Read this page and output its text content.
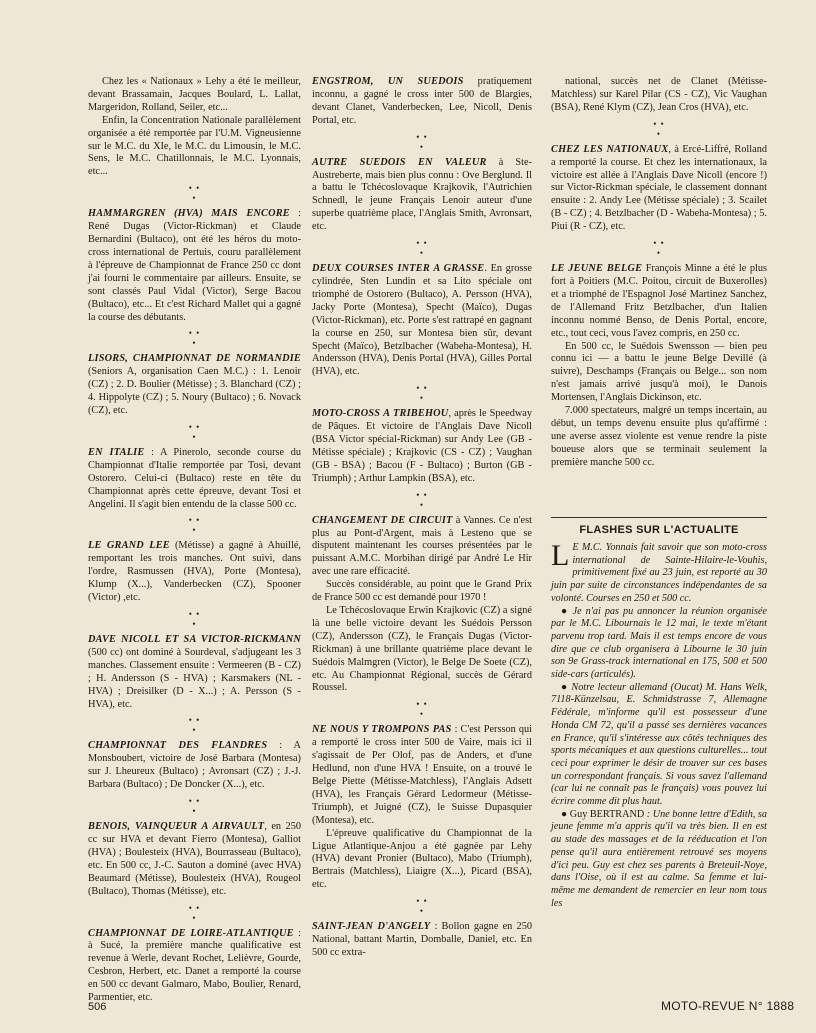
Chez les « Nationaux » Lehy a été le meilleur, devant Brassamain, Jacques Boulard, L. Lallat, Margeridon, Rolland, Seiler, etc...

Enfin, la Concentration Nationale parallèlement organisée a été remportée par l'U.M. Vigneusienne sur le M.C. du XIe, le M.C. du Limousin, le M.C. Sens, le M.C. Chatillonnais, le M.C. Lyonnais, etc...

• •
•

HAMMARGREN (HVA) MAIS ENCORE : René Dugas (Victor-Rickman) et Claude Bernardini (Bultaco), ont été les héros du moto-cross international de Pertuis, couru parallèlement à l'épreuve de Championnat de France 250 cc dont j'ai fourni le commentaire par ailleurs. Ensuite, se sont classés Paul Vidal (Victor), Serge Bacou (Bultaco), etc... Et c'est Richard Mallet qui a gagné la course des débutants.

• •
•

LISORS, CHAMPIONNAT DE NORMANDIE (Seniors A, organisation Caen M.C.) : 1. Lenoir (CZ) ; 2. D. Boulier (Métisse) ; 3. Blanchard (CZ) ; 4. Hippolyte (CZ) ; 5. Noury (Bultaco) ; 6. Novack (CZ), etc.

• •
•

EN ITALIE : A Pinerolo, seconde course du Championnat d'Italie remportée par Tosi, devant Ostorero. Celui-ci (Bultaco) reste en tête du Championnat après cette épreuve, devant Tosi et Angelini. Il s'agit bien entendu de la classe 500 cc.

• •
•

LE GRAND LEE (Métisse) a gagné à Ahuillé, remportant les trois manches. Ont suivi, dans l'ordre, Rasmussen (HVA), Porte (Montesa), Klump (X...), Vanderbecken (CZ), Spooner (Victor) ,etc.

• •
•

DAVE NICOLL ET SA VICTOR-RICKMANN (500 cc) ont dominé à Sourdeval, s'adjugeant les 3 manches. Classement ensuite : Vermeeren (B - CZ) ; H. Andersson (S - HVA) ; Karsmakers (NL - HVA) ; Dreisilker (D - X...) ; A. Persson (S - HVA), etc.

• •
•

CHAMPIONNAT DES FLANDRES : A Monsboubert, victoire de José Barbara (Montesa) sur J. Lheureux (Bultaco) ; Avronsart (CZ) ; J.-J. Barbara (Bultaco) ; De Doncker (X...), etc.

• •
•

BENOIS, VAINQUEUR A AIRVAULT, en 250 cc sur HVA et devant Fierro (Montesa), Galliot (HVA) ; Boulesteix (HVA), Bourrasseau (Bultaco), etc. En 500 cc, J.-C. Sauton a dominé (avec HVA) Beaumard (Métisse), Boulesteix (HVA), Rougeol (Bultaco), Thomas (Métisse), etc.

• •
•

CHAMPIONNAT DE LOIRE-ATLANTIQUE : à Sucé, la première manche qualificative est revenue à Werle, devant Rochet, Lelièvre, Gourde, Cesbron, Herbert, etc. Danet a remporté la course en 500 cc devant Galmaro, Mabo, Boulier, Renard, Parmentier, etc.

ENGSTROM, UN SUEDOIS pratiquement inconnu, a gagné le cross inter 500 de Blargies, devant Clanet, Vanderbecken, Lee, Nicoll, Denis Portal, etc.

• •
•

AUTRE SUEDOIS EN VALEUR à Ste-Austreberte, mais bien plus connu : Ove Berglund. Il a battu le Tchécoslovaque Krajkovik, l'Autrichien Schnedl, le jeune Français Lenoir auteur d'une superbe quatrième place, l'Anglais Smith, Avronsart, etc.

• •
•

DEUX COURSES INTER A GRASSE. En grosse cylindrée, Sten Lundin et sa Lito spéciale ont triomphé de Ostorero (Bultaco), A. Persson (HVA), Jacky Porte (Montesa), Specht (Maïco), Dugas (Victor-Rickman), etc. Porte s'est rattrapé en gagnant la course en 250, sur Montesa bien sûr, devant Specht (Maïco), Betzlbacher (Wabeha-Montesa), H. Andersson (HVA), Denis Portal (HVA), Gilles Portal (HVA), etc.

• •
•

MOTO-CROSS A TRIBEHOU, après le Speedway de Pâques. Et victoire de l'Anglais Dave Nicoll (BSA Victor spécial-Rickman) sur Andy Lee (GB - Métisse spéciale) ; Krajkovic (CS - CZ) ; Vaughan (GB - BSA) ; Bacou (F - Bultaco) ; Burton (GB - Triumph) ; Arthur Lampkin (BSA), etc.

• •
•

CHANGEMENT DE CIRCUIT à Vannes. Ce n'est plus au Pont-d'Argent, mais à Lesteno que se disputent maintenant les courses présentées par le puissant A.M.C. Morbihan dirigé par André Le Hir avec une rare efficacité.

Succès considérable, au point que le Grand Prix de France 500 cc est demandé pour 1970 !

Le Tchécoslovaque Erwin Krajkovic (CZ) a signé là une belle victoire devant les Suédois Persson (CZ), Andersson (CZ), le Français Dugas (Victor-Rickman) à une brillante quatrième place devant le Suédois Malmgren (Victor), le Belge De Soete (CZ), etc. Au Championnat Régional, succès de Gérard Roussel.

• •
•

NE NOUS Y TROMPONS PAS : C'est Persson qui a remporté le cross inter 500 de Vaire, mais ici il s'agissait de Per Olof, pas de Anders, et d'une Hedlund, non d'une HVA ! Ensuite, on a trouvé le Belge Piette (Métisse-Matchless), l'Anglais Adsett (HVA), les Français Gérard Ledormeur (Métisse-Triumph), et Juigné (CZ), le Suisse Dupasquier (Montesa), etc.

L'épreuve qualificative du Championnat de la Ligue Atlantique-Anjou a été gagnée par Lehy (HVA) devant Pronier (Bultaco), Mabo (Triumph), Bertrais (Matchless), Liaigre (X...), Picard (BSA), etc.

• •
•

SAINT-JEAN D'ANGELY : Bollon gagne en 250 National, battant Martin, Domballe, Daniel, etc. En 500 cc extra-

national, succès net de Clanet (Métisse-Matchless) sur Karel Pilar (CS - CZ), Vic Vaughan (BSA), René Klym (CZ), Jean Cros (HVA), etc.

• •
•

CHEZ LES NATIONAUX, à Ercé-Liffré, Rolland a remporté la course. Et chez les internationaux, la victoire est allée à l'Anglais Dave Nicoll (encore !) sur Victor-Rickman spéciale, le classement donnant ensuite : 2. Andy Lee (Métisse spéciale) ; 3. Scailet (B - CZ) ; 4. Betzlbacher (D - Wabeha-Montesa) ; 5. Piui (R - CZ), etc.

• •
•

LE JEUNE BELGE François Minne a été le plus fort à Poitiers (M.C. Poitou, circuit de Buxerolles) et a triomphé de l'Espagnol José Martinez Sanchez, de l'Allemand Fritz Betzlbacher, d'un Italien inconnu nommé Benso, de Denis Portal, encore, etc., tout ceci, vous l'avez compris, en 250 cc.

En 500 cc, le Suédois Swensson — bien peu connu ici — a battu le jeune Belge Devillé (à suivre), Deschamps (Français ou Belge... son nom n'est jamais arrivé jusqu'à moi), le Danois Mortensen, l'Anglais Dickinson, etc.

7.000 spectateurs, malgré un temps incertain, au début, un temps devenu ensuite plus qu'affirmé : une averse assez violente est venue rendre la piste boueuse alors que se terminait seulement la première manche 500 cc.

FLASHES SUR L'ACTUALITE

L E M.C. Yonnais fait savoir que son moto-cross international de Sainte-Hilaire-le-Vouhis, primitivement fixé au 23 juin, est reporté au 30 juin par suite de circonstances indépendantes de sa volonté. Courses en 250 et 500 cc.

● Je n'ai pas pu annoncer la réunion organisée par le M.C. Libournais le 12 mai, le texte m'étant parvenu trop tard. Mais il est temps encore de vous dire que ce club organisera à Libourne le 30 juin son 9e Grass-track international en 175, 500 et 500 side-cars (articulés).

● Notre lecteur allemand (Oucat) M. Hans Welk, 7118-Künzelsau, E. Schmidstrasse 7, Allemagne Fédérale, m'informe qu'il est possesseur d'une Honda CM 72, qu'il a passé ses dernières vacances en France, qu'il s'intéresse aux côtés techniques des sports mécaniques et aux questions culturelles... tout ceci pour exprimer le désir de trouver sur ces bases un correspondant français. Si vous savez l'allemand (car lui ne connaît pas le français) vous pouvez lui écrire comme dit plus haut.

● Guy BERTRAND : Une bonne lettre d'Edith, sa jeune femme m'a appris qu'il va très bien. Il en est au stade des massages et de la rééducation et l'on pense qu'il aura entièrement retrouvé ses moyens d'ici peu. Guy est chez ses parents à Breteuil-Noye, dans l'Oise, où il est au calme. Sa femme et lui-même me demandent de remercier en leur nom tous les

506	MOTO-REVUE N° 1888
